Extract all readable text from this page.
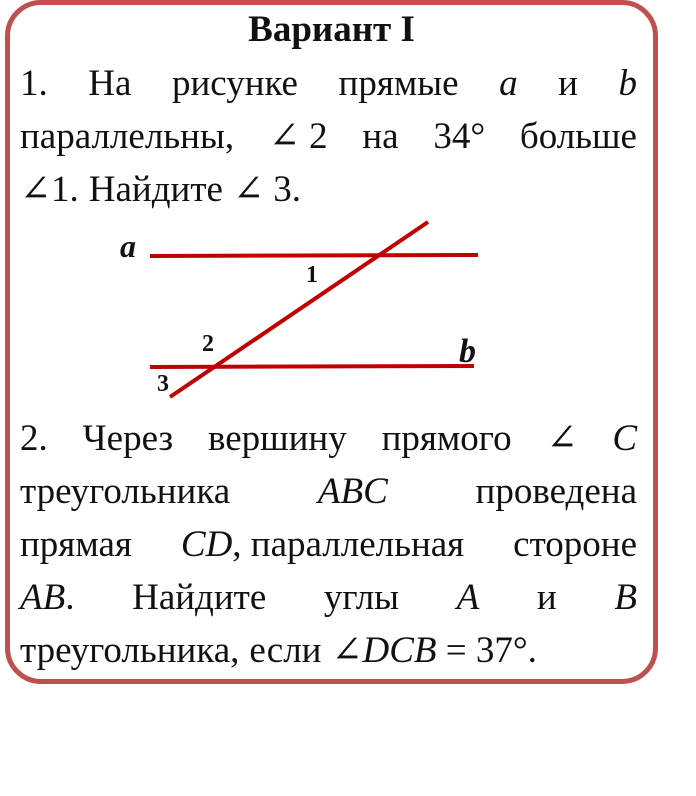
Вариант I
1. На рисунке прямые a и b
параллельны, ∠ 2 на 34° больше
∠1. Найдите ∠ 3.
a
b
1
2
3
2. Через вершину прямого ∠ C
треугольника ABC проведена
прямая CD, параллельная стороне
AB. Найдите углы A и B
треугольника, если ∠DCB = 37°.
